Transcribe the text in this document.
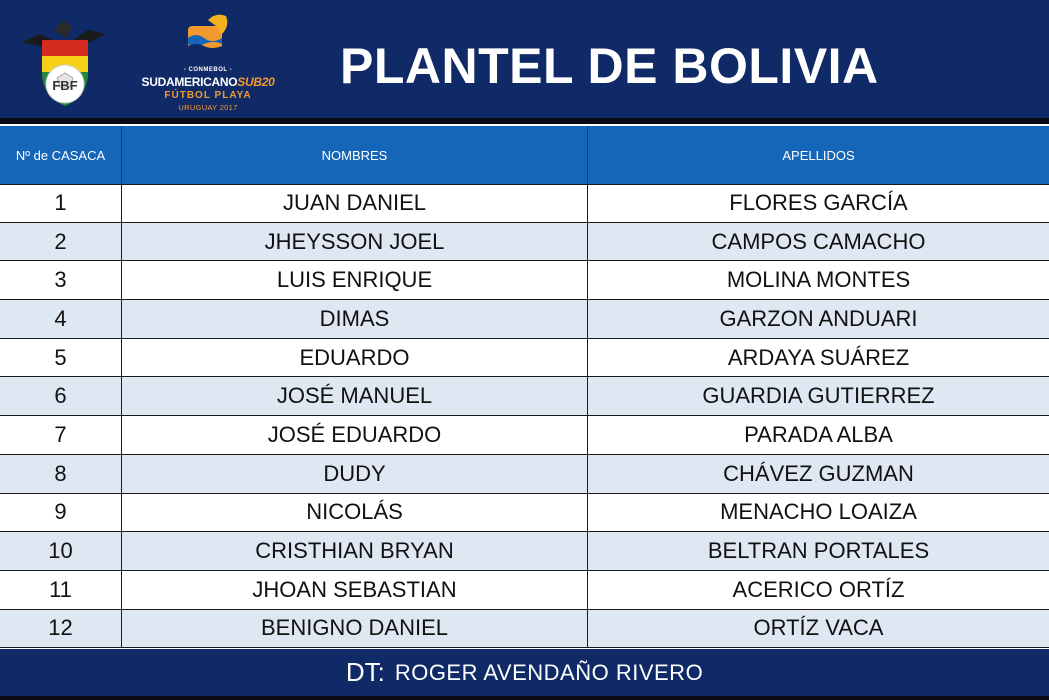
FBF
- CONMEBOL -
SUDAMERICANOSUB20
FÚTBOL PLAYA
URUGUAY 2017
PLANTEL DE BOLIVIA
Nº de CASACA	NOMBRES	APELLIDOS
1	JUAN DANIEL	FLORES GARCÍA
2	JHEYSSON JOEL	CAMPOS CAMACHO
3	LUIS ENRIQUE	MOLINA MONTES
4	DIMAS	GARZON ANDUARI
5	EDUARDO	ARDAYA SUÁREZ
6	JOSÉ MANUEL	GUARDIA GUTIERREZ
7	JOSÉ EDUARDO	PARADA ALBA
8	DUDY	CHÁVEZ GUZMAN
9	NICOLÁS	MENACHO LOAIZA
10	CRISTHIAN BRYAN	BELTRAN PORTALES
11	JHOAN SEBASTIAN	ACERICO ORTÍZ
12	BENIGNO DANIEL	ORTÍZ VACA
DT: ROGER AVENDAÑO RIVERO
